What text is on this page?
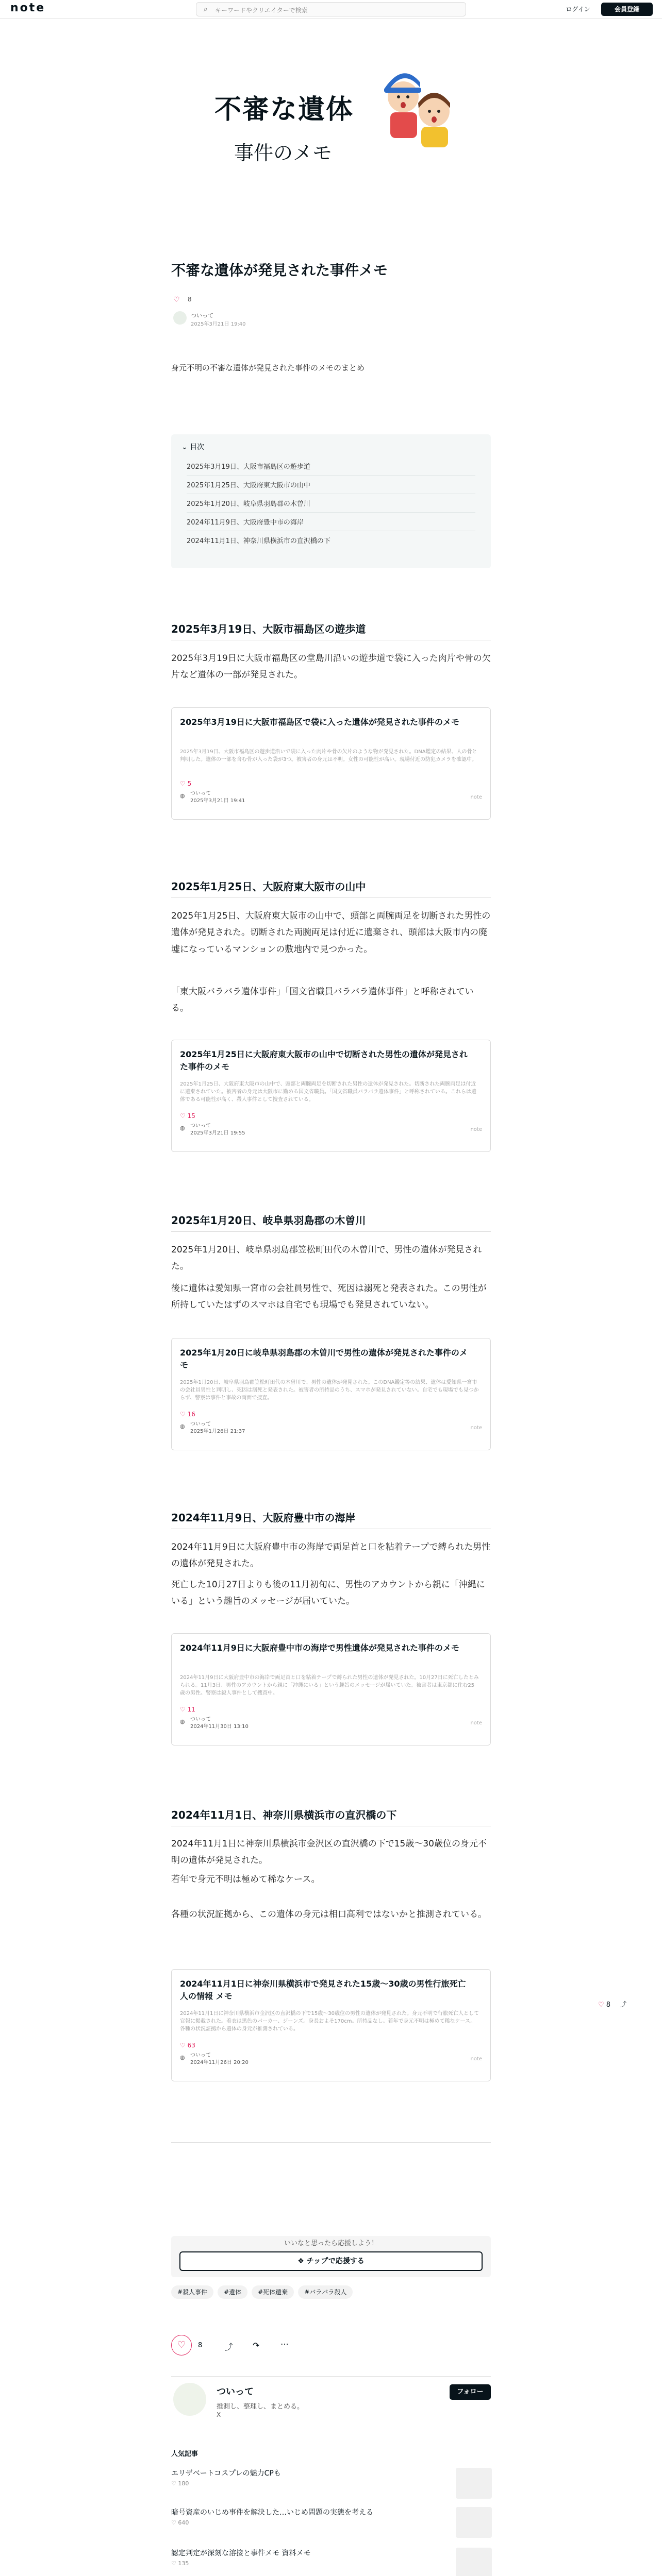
note	⌕ キーワードやクリエイターで検索	ログイン	会員登録
不審な遺体
事件のメモ
不審な遺体が発見された事件メモ
♡ 8
ついって
2025年3月21日 19:40
身元不明の不審な遺体が発見された事件のメモのまとめ
⌄ 目次
2025年3月19日、大阪市福島区の遊歩道
2025年1月25日、大阪府東大阪市の山中
2025年1月20日、岐阜県羽島郡の木曽川
2024年11月9日、大阪府豊中市の海岸
2024年11月1日、神奈川県横浜市の直沢橋の下
2025年3月19日、大阪市福島区の遊歩道
2025年3月19日に大阪市福島区の堂島川沿いの遊歩道で袋に入った肉片や骨の欠片など遺体の一部が発見された。
2025年3月19日に大阪市福島区で袋に入った遺体が発見された事件のメモ
2025年3月19日、大阪市福島区の遊歩道沿いで袋に入った肉片や骨の欠片のような物が発見された。DNA鑑定の結果、人の骨と判明した。遺体の一部を含む骨が入った袋が3つ。被害者の身元は不明。女性の可能性が高い。現場付近の防犯カメラを確認中。
♡ 5
◍ ついって
2025年3月21日 19:41
note
2025年1月25日、大阪府東大阪市の山中
2025年1月25日、大阪府東大阪市の山中で、頭部と両腕両足を切断された男性の遺体が発見された。切断された両腕両足は付近に遺棄され、頭部は大阪市内の廃墟になっているマンションの敷地内で見つかった。
「東大阪バラバラ遺体事件」「国文省職員バラバラ遺体事件」と呼称されている。
2025年1月25日に大阪府東大阪市の山中で切断された男性の遺体が発見された事件のメモ
2025年1月25日、大阪府東大阪市の山中で、頭部と両腕両足を切断された男性の遺体が発見された。切断された両腕両足は付近に遺棄されていた。被害者の身元は大阪市に勤める国文省職員。「国文省職員バラバラ遺体事件」と呼称されている。これらは遺体である可能性が高く、殺人事件として捜査されている。
♡ 15
◍ ついって
2025年3月21日 19:55
note
2025年1月20日、岐阜県羽島郡の木曽川
2025年1月20日、岐阜県羽島郡笠松町田代の木曽川で、男性の遺体が発見された。
後に遺体は愛知県一宮市の会社員男性で、死因は溺死と発表された。この男性が所持していたはずのスマホは自宅でも現場でも発見されていない。
2025年1月20日に岐阜県羽島郡の木曽川で男性の遺体が発見された事件のメモ
2025年1月20日、岐阜県羽島郡笠松町田代の木曽川で、男性の遺体が発見された。このDNA鑑定等の結果、遺体は愛知県一宮市の会社員男性と判明し、死因は溺死と発表された。被害者の所持品のうち、スマホが発見されていない。自宅でも現場でも見つからず、警察は事件と事故の両面で捜査。
♡ 16
◍ ついって
2025年1月26日 21:37
note
2024年11月9日、大阪府豊中市の海岸
2024年11月9日に大阪府豊中市の海岸で両足首と口を粘着テープで縛られた男性の遺体が発見された。
死亡した10月27日よりも後の11月初旬に、男性のアカウントから親に「沖縄にいる」という趣旨のメッセージが届いていた。
2024年11月9日に大阪府豊中市の海岸で男性遺体が発見された事件のメモ
2024年11月9日に大阪府豊中市の海岸で両足首と口を粘着テープで縛られた男性の遺体が発見された。10月27日に死亡したとみられる。11月3日、男性のアカウントから親に「沖縄にいる」という趣旨のメッセージが届いていた。被害者は東京都に住む25歳の男性。警察は殺人事件として捜査中。
♡ 11
◍ ついって
2024年11月30日 13:10
note
2024年11月1日、神奈川県横浜市の直沢橋の下
2024年11月1日に神奈川県横浜市金沢区の直沢橋の下で15歳〜30歳位の身元不明の遺体が発見された。
若年で身元不明は極めて稀なケース。
各種の状況証拠から、この遺体の身元は相口高利ではないかと推測されている。
2024年11月1日に神奈川県横浜市で発見された15歳〜30歳の男性行旅死亡人の情報 メモ
2024年11月1日に神奈川県横浜市金沢区の直沢橋の下で15歳〜30歳位の男性の遺体が発見された。身元不明で行旅死亡人として官報に掲載された。着衣は黒色のパーカー、ジーンズ。身長およそ170cm。所持品なし。若年で身元不明は極めて稀なケース。各種の状況証拠から遺体の身元が推測されている。
♡ 63
◍ ついって
2024年11月26日 20:20
note
♡ 8 ⤴
いいなと思ったら応援しよう！
❖ チップで応援する
#殺人事件	#遺体	#死体遺棄	#バラバラ殺人
♡	8	⤴ ↷	⋯
ついって
推測し、整理し、まとめる。
X
フォロー
人気記事
エリザベートコスプレの魅力CPも
♡ 180
暗号資産のいじめ事件を解決した…いじめ問題の実態を考える
♡ 640
認定判定が深刻な溶接と事件メモ 資料メモ
♡ 135
